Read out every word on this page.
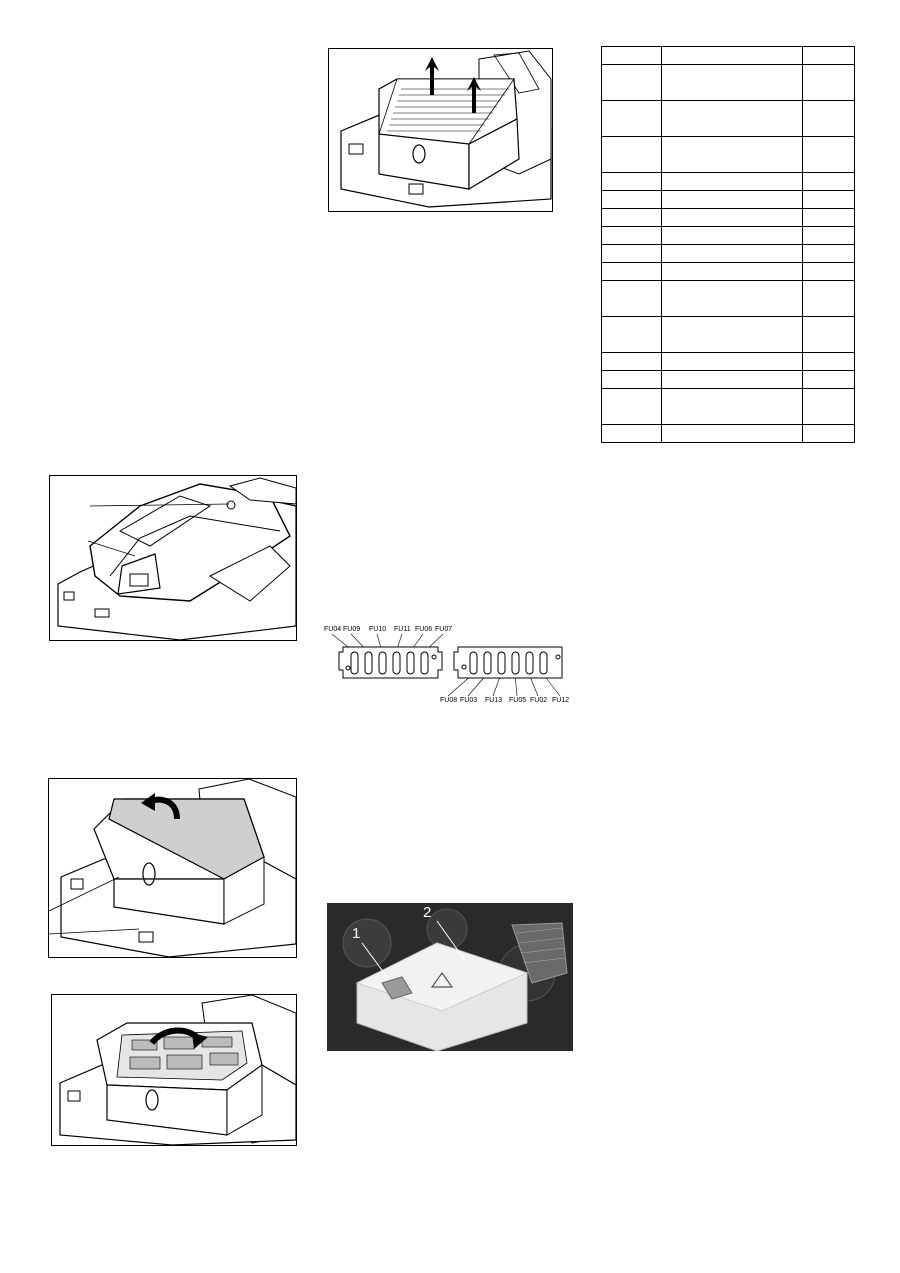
FU04 FU09 FU10 FU11 FU06 FU07
FU08 FU03 FU13 FU05 FU02 FU12
1
2
